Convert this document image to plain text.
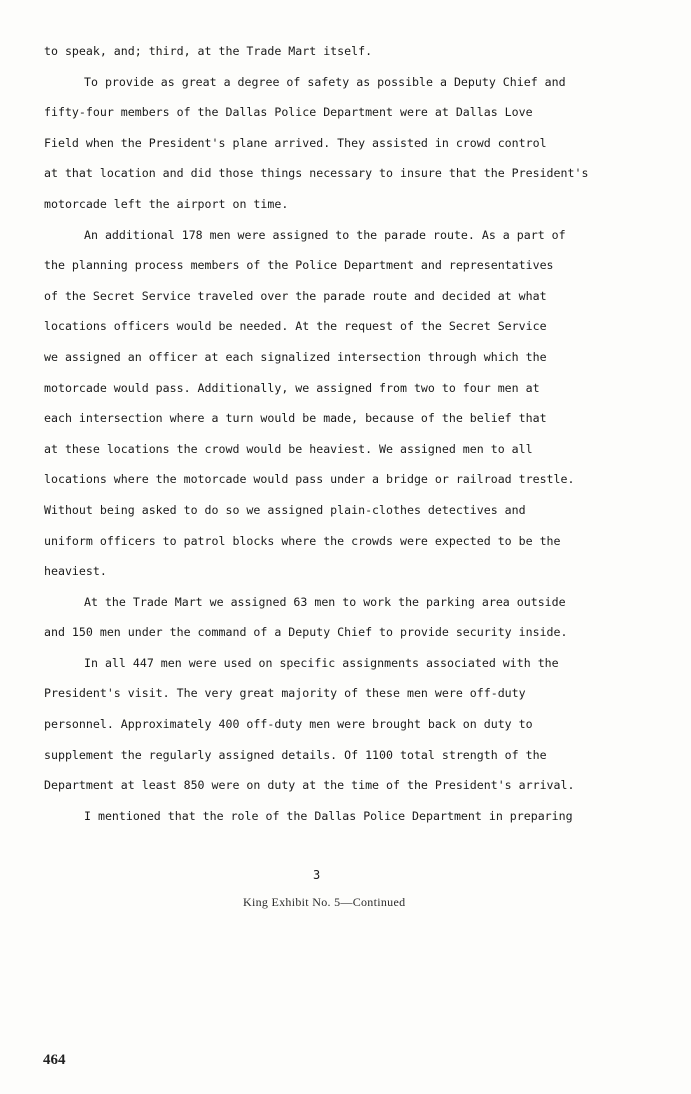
to speak, and; third, at the Trade Mart itself.

To provide as great a degree of safety as possible a Deputy Chief and

fifty-four members of the Dallas Police Department were at Dallas Love

Field when the President's plane arrived. They assisted in crowd control

at that location and did those things necessary to insure that the President's

motorcade left the airport on time.

An additional 178 men were assigned to the parade route. As a part of

the planning process members of the Police Department and representatives

of the Secret Service traveled over the parade route and decided at what

locations officers would be needed. At the request of the Secret Service

we assigned an officer at each signalized intersection through which the

motorcade would pass. Additionally, we assigned from two to four men at

each intersection where a turn would be made, because of the belief that

at these locations the crowd would be heaviest. We assigned men to all

locations where the motorcade would pass under a bridge or railroad trestle.

Without being asked to do so we assigned plain-clothes detectives and

uniform officers to patrol blocks where the crowds were expected to be the

heaviest.

At the Trade Mart we assigned 63 men to work the parking area outside

and 150 men under the command of a Deputy Chief to provide security inside.

In all 447 men were used on specific assignments associated with the

President's visit. The very great majority of these men were off-duty

personnel. Approximately 400 off-duty men were brought back on duty to

supplement the regularly assigned details. Of 1100 total strength of the

Department at least 850 were on duty at the time of the President's arrival.

I mentioned that the role of the Dallas Police Department in preparing

3
King Exhibit No. 5—Continued
464
